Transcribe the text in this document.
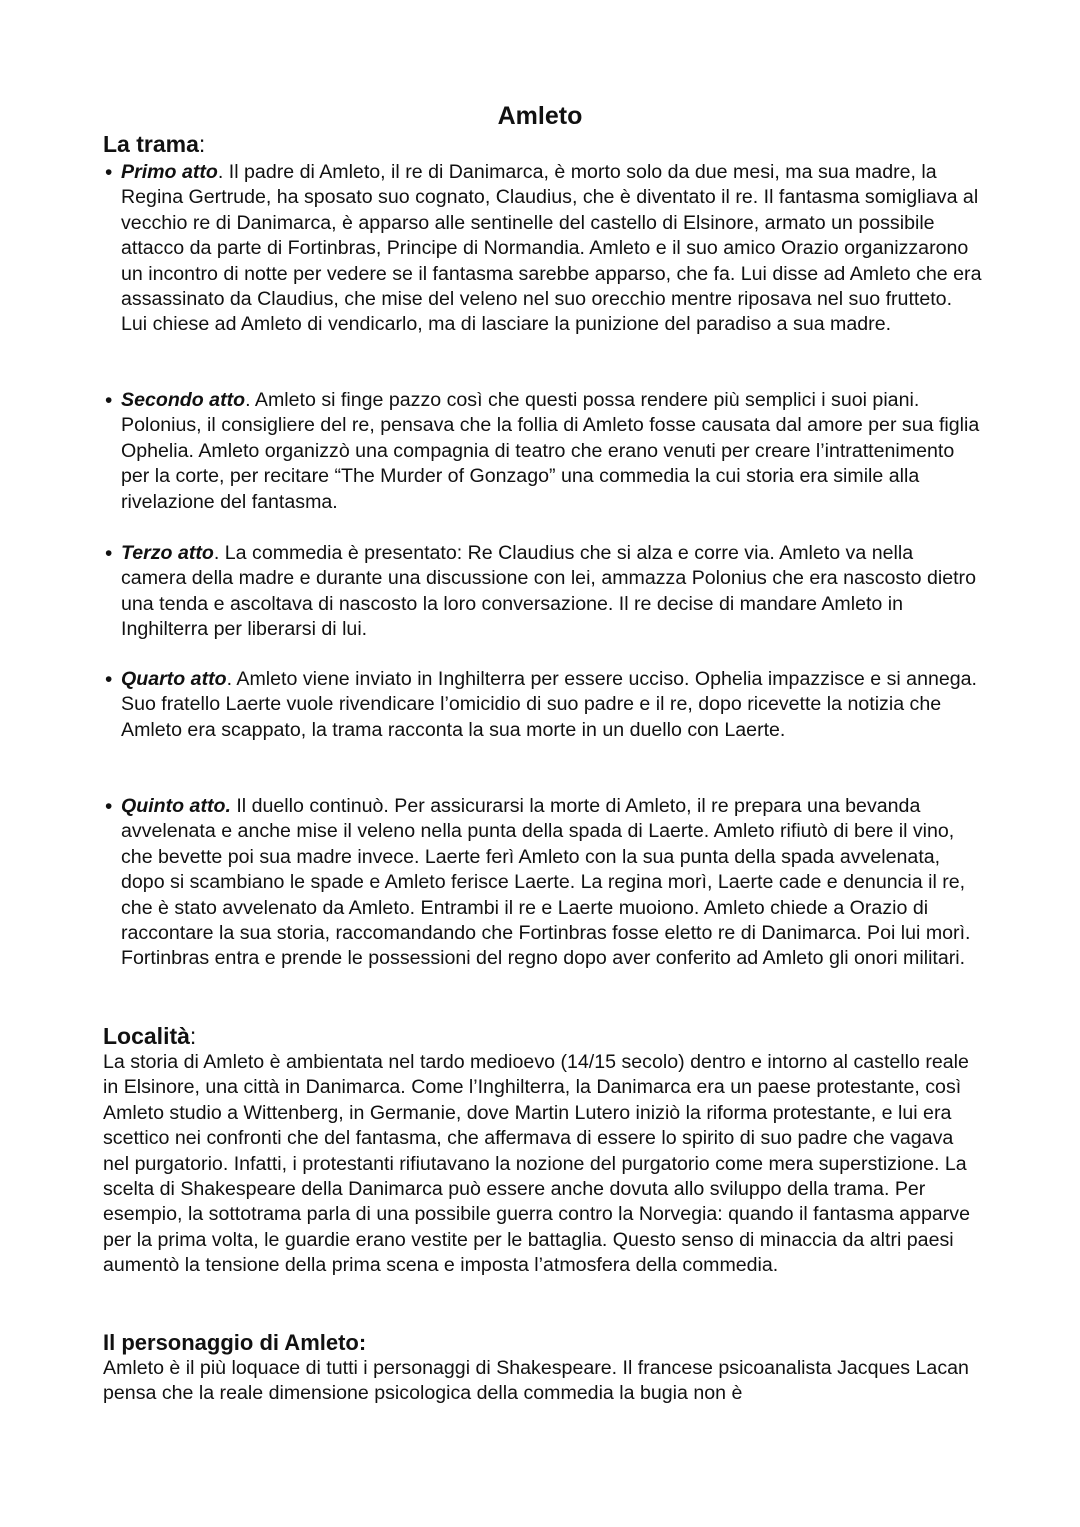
Amleto
La trama:
• Primo atto. Il padre di Amleto, il re di Danimarca, è morto solo da due mesi, ma sua madre, la Regina Gertrude, ha sposato suo cognato, Claudius, che è diventato il re. Il fantasma somigliava al vecchio re di Danimarca, è apparso alle sentinelle del castello di Elsinore, armato un possibile attacco da parte di Fortinbras, Principe di Normandia. Amleto e il suo amico Orazio organizzarono un incontro di notte per vedere se il fantasma sarebbe apparso, che fa. Lui disse ad Amleto che era assassinato da Claudius, che mise del veleno nel suo orecchio mentre riposava nel suo frutteto. Lui chiese ad Amleto di vendicarlo, ma di lasciare la punizione del paradiso a sua madre.

• Secondo atto. Amleto si finge pazzo così che questi possa rendere più semplici i suoi piani. Polonius, il consigliere del re, pensava che la follia di Amleto fosse causata dal amore per sua figlia Ophelia. Amleto organizzò una compagnia di teatro che erano venuti per creare l’intrattenimento per la corte, per recitare “The Murder of Gonzago” una commedia la cui storia era simile alla rivelazione del fantasma.

• Terzo atto. La commedia è presentato: Re Claudius che si alza e corre via. Amleto va nella camera della madre e durante una discussione con lei, ammazza Polonius che era nascosto dietro una tenda e ascoltava di nascosto la loro conversazione. Il re decise di mandare Amleto in Inghilterra per liberarsi di lui.

• Quarto atto. Amleto viene inviato in Inghilterra per essere ucciso. Ophelia impazzisce e si annega. Suo fratello Laerte vuole rivendicare l’omicidio di suo padre e il re, dopo ricevette la notizia che Amleto era scappato, la trama racconta la sua morte in un duello con Laerte.

• Quinto atto. Il duello continuò. Per assicurarsi la morte di Amleto, il re prepara una bevanda avvelenata e anche mise il veleno nella punta della spada di Laerte. Amleto rifiutò di bere il vino, che bevette poi sua madre invece. Laerte ferì Amleto con la sua punta della spada avvelenata, dopo si scambiano le spade e Amleto ferisce Laerte. La regina morì, Laerte cade e denuncia il re, che è stato avvelenato da Amleto. Entrambi il re e Laerte muoiono. Amleto chiede a Orazio di raccontare la sua storia, raccomandando che Fortinbras fosse eletto re di Danimarca. Poi lui morì. Fortinbras entra e prende le possessioni del regno dopo aver conferito ad Amleto gli onori militari.

Località:

La storia di Amleto è ambientata nel tardo medioevo (14/15 secolo) dentro e intorno al castello reale in Elsinore, una città in Danimarca. Come l’Inghilterra, la Danimarca era un paese protestante, così Amleto studio a Wittenberg, in Germanie, dove Martin Lutero iniziò la riforma protestante, e lui era scettico nei confronti che del fantasma, che affermava di essere lo spirito di suo padre che vagava nel purgatorio. Infatti, i protestanti rifiutavano la nozione del purgatorio come mera superstizione. La scelta di Shakespeare della Danimarca può essere anche dovuta allo sviluppo della trama. Per esempio, la sottotrama parla di una possibile guerra contro la Norvegia: quando il fantasma apparve per la prima volta, le guardie erano vestite per le battaglia. Questo senso di minaccia da altri paesi aumentò la tensione della prima scena e imposta l’atmosfera della commedia.

Il personaggio di Amleto:

Amleto è il più loquace di tutti i personaggi di Shakespeare. Il francese psicoanalista Jacques Lacan pensa che la reale dimensione psicologica della commedia la bugia non è
